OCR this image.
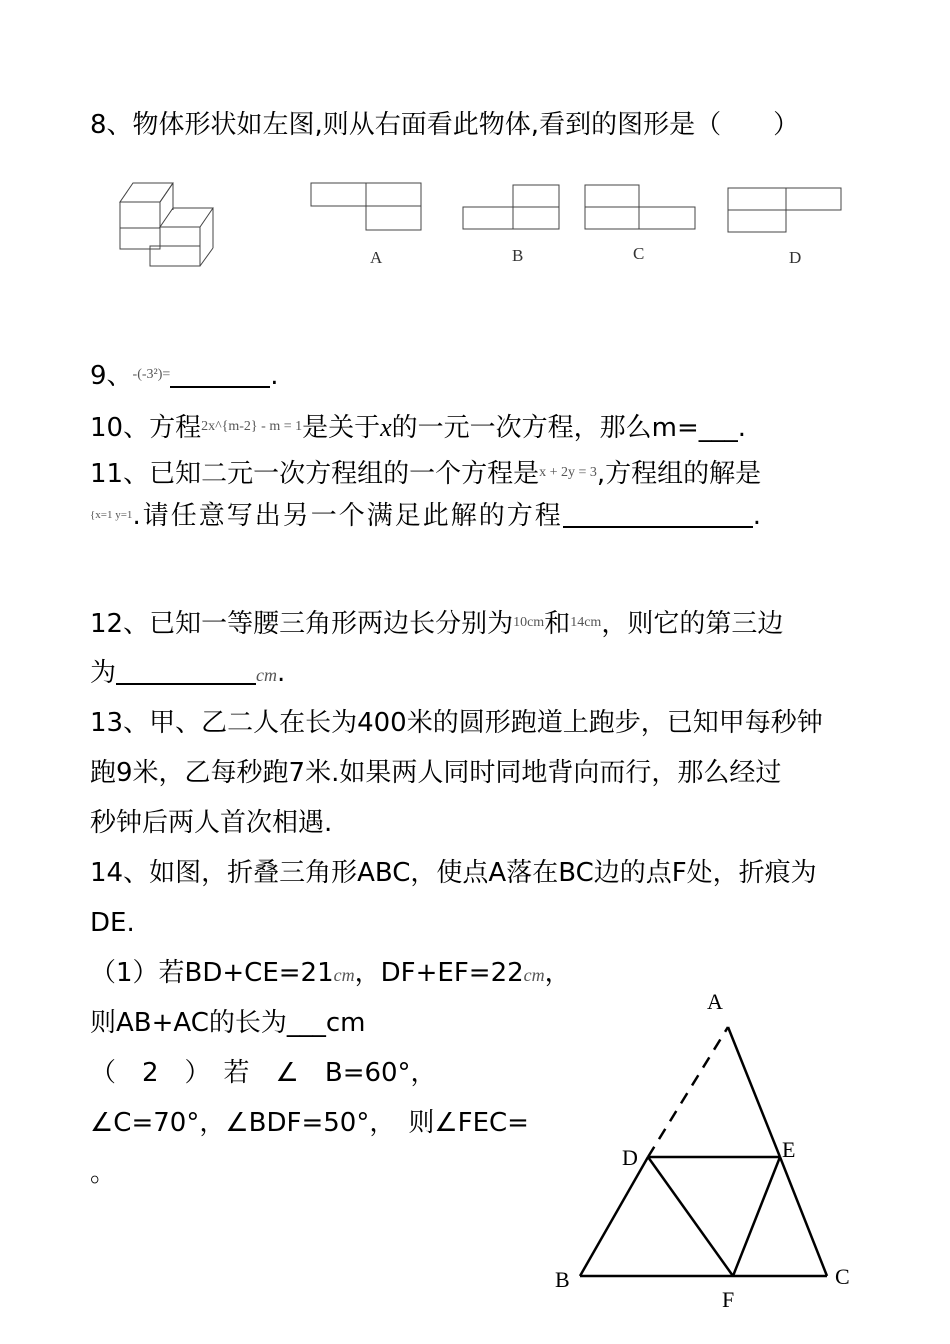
8、物体形状如左图,则从右面看此物体,看到的图形是（　　）
A	B	C	D
9、$^{-(-3^2)=}$	.
10、方程$^{2x\^{}\{m-2\} - m = 1}$是关于x的一元一次方程，那么m=___.
11、已知二元一次方程组的一个方程是$^{x + 2y = 3}$,方程组的解是
$^{\{x=1 y=1}$.请任意写出另一个满足此解的方程	.
12、已知一等腰三角形两边长分别为$^{10cm}$和$^{14cm}$，则它的第三边
为	cm.
13、甲、乙二人在长为400米的圆形跑道上跑步，已知甲每秒钟
跑9米，乙每秒跑7米.如果两人同时同地背向而行，那么经过
秒钟后两人首次相遇.
14、如图，折叠三角形ABC，使点A落在BC边的点F处，折痕为
DE.
（1）若BD+CE=21cm，DF+EF=22cm，
则AB+AC的长为___cm
（　2　）　若　∠　B=60°，
∠C=70°，∠BDF=50°，　则∠FEC=
。
A
D	E
B	C
F
